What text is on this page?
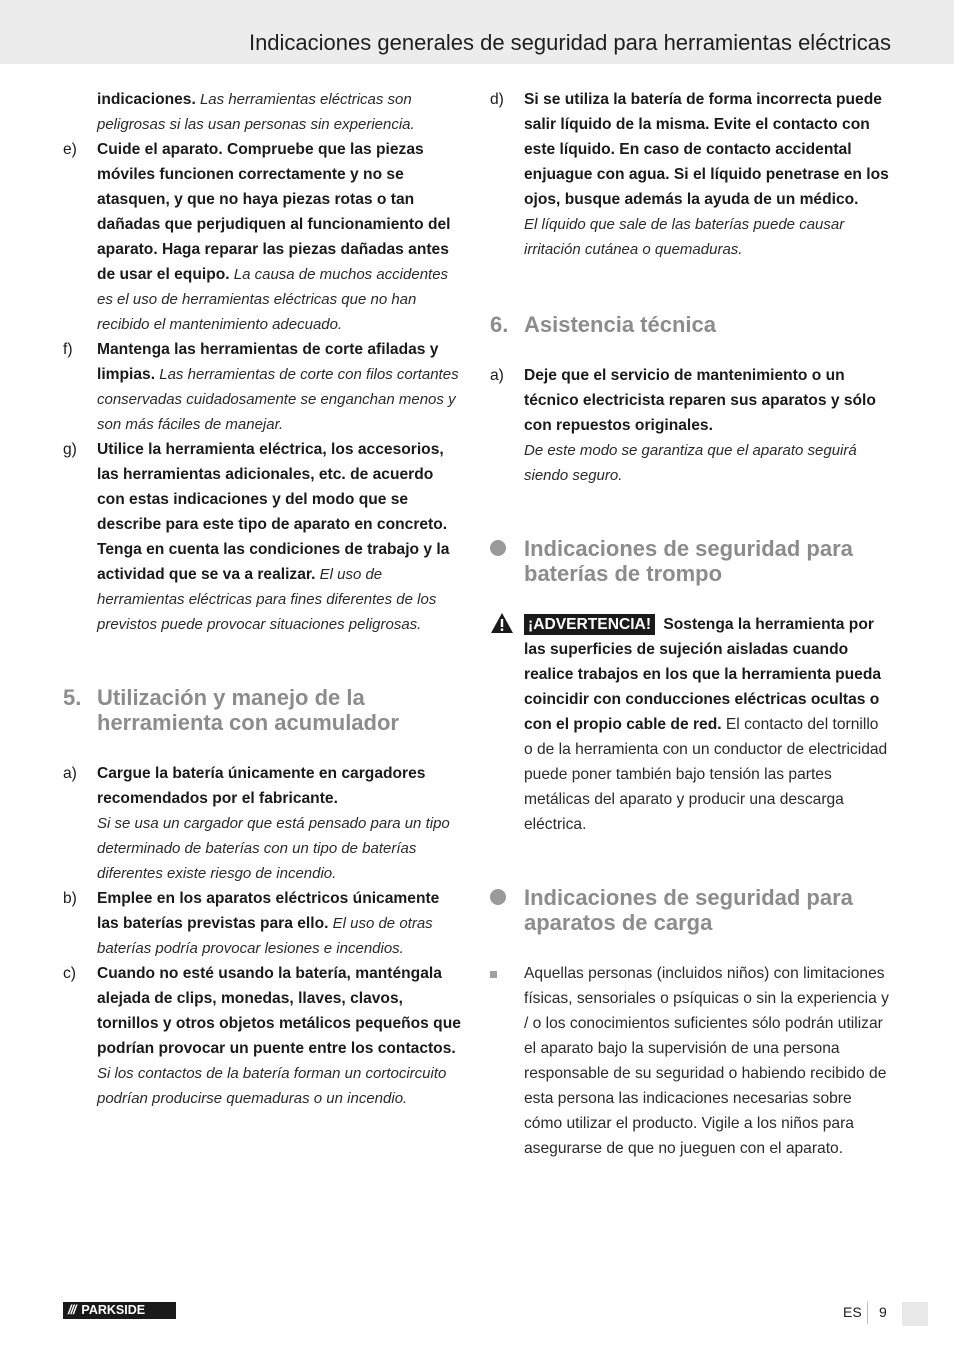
Indicaciones generales de seguridad para herramientas eléctricas
indicaciones. Las herramientas eléctricas son peligrosas si las usan personas sin experiencia.
e)	Cuide el aparato. Compruebe que las piezas móviles funcionen correctamente y no se atasquen, y que no haya piezas rotas o tan dañadas que perjudiquen al funcionamiento del aparato. Haga reparar las piezas dañadas antes de usar el equipo. La causa de muchos accidentes es el uso de herramientas eléctricas que no han recibido el mantenimiento adecuado.
f)	Mantenga las herramientas de corte afiladas y limpias. Las herramientas de corte con filos cortantes conservadas cuidadosamente se enganchan menos y son más fáciles de manejar.
g)	Utilice la herramienta eléctrica, los accesorios, las herramientas adicionales, etc. de acuerdo con estas indicaciones y del modo que se describe para este tipo de aparato en concreto. Tenga en cuenta las condiciones de trabajo y la actividad que se va a realizar. El uso de herramientas eléctricas para fines diferentes de los previstos puede provocar situaciones peligrosas.
5. Utilización y manejo de la herramienta con acumulador
a)	Cargue la batería únicamente en cargadores recomendados por el fabricante.
Si se usa un cargador que está pensado para un tipo determinado de baterías con un tipo de baterías diferentes existe riesgo de incendio.
b)	Emplee en los aparatos eléctricos únicamente las baterías previstas para ello. El uso de otras baterías podría provocar lesiones e incendios.
c)	Cuando no esté usando la batería, manténgala alejada de clips, monedas, llaves, clavos, tornillos y otros objetos metálicos pequeños que podrían provocar un puente entre los contactos.
Si los contactos de la batería forman un cortocircuito podrían producirse quemaduras o un incendio.
d)	Si se utiliza la batería de forma incorrecta puede salir líquido de la misma. Evite el contacto con este líquido. En caso de contacto accidental enjuague con agua. Si el líquido penetrase en los ojos, busque además la ayuda de un médico.
El líquido que sale de las baterías puede causar irritación cutánea o quemaduras.
6. Asistencia técnica
a)	Deje que el servicio de mantenimiento o un técnico electricista reparen sus aparatos y sólo con repuestos originales.
De este modo se garantiza que el aparato seguirá siendo seguro.
Indicaciones de seguridad para baterías de trompo
¡ADVERTENCIA! Sostenga la herramienta por las superficies de sujeción aisladas cuando realice trabajos en los que la herramienta pueda coincidir con conducciones eléctricas ocultas o con el propio cable de red. El contacto del tornillo o de la herramienta con un conductor de electricidad puede poner también bajo tensión las partes metálicas del aparato y producir una descarga eléctrica.
Indicaciones de seguridad para aparatos de carga
Aquellas personas (incluidos niños) con limitaciones físicas, sensoriales o psíquicas o sin la experiencia y / o los conocimientos suficientes sólo podrán utilizar el aparato bajo la supervisión de una persona responsable de su seguridad o habiendo recibido de esta persona las indicaciones necesarias sobre cómo utilizar el producto. Vigile a los niños para asegurarse de que no jueguen con el aparato.
/// PARKSIDE	ES 9
